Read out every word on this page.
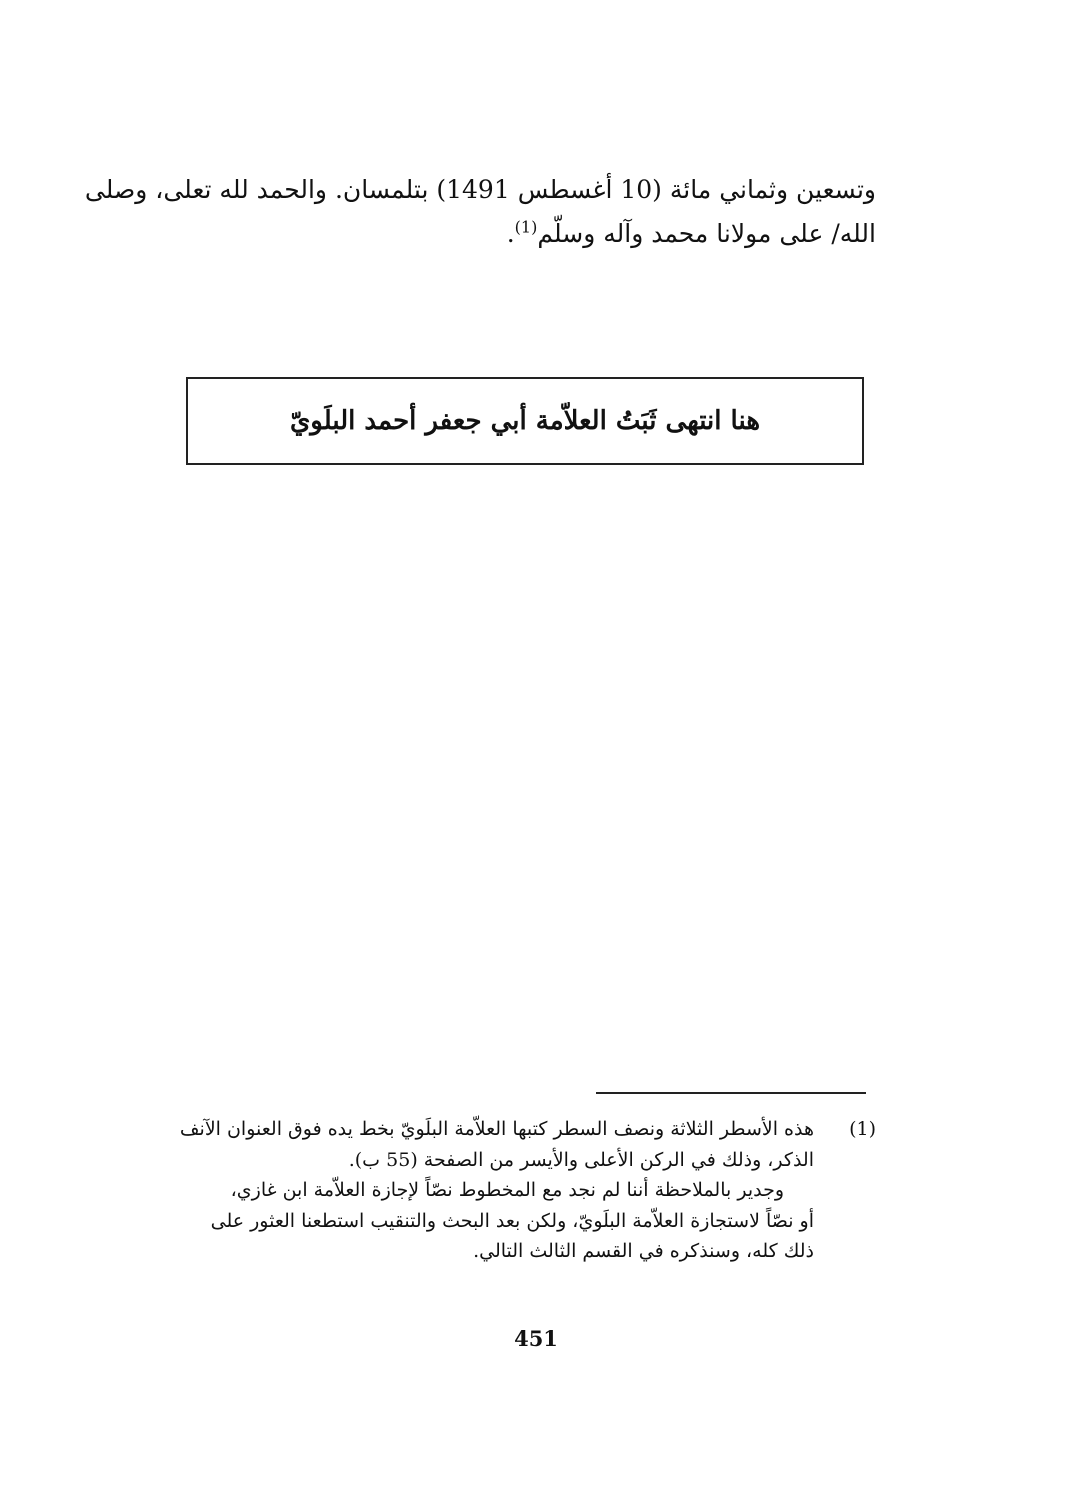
وتسعين وثماني مائة (10 أغسطس 1491) بتلمسان. والحمد لله تعلى، وصلى
الله/ على مولانا محمد وآله وسلّم$^{(1)}$.
هنا انتهى ثَبَتُ العلاّمة أبي جعفر أحمد البلَويّ
(1)
هذه الأسطر الثلاثة ونصف السطر كتبها العلاّمة البلَويّ بخط يده فوق العنوان الآنف
الذكر، وذلك في الركن الأعلى والأيسر من الصفحة (55 ب).
وجدير بالملاحظة أننا لم نجد مع المخطوط نصّاً لإجازة العلاّمة ابن غازي،
أو نصّاً لاستجازة العلاّمة البلَويّ، ولكن بعد البحث والتنقيب استطعنا العثور على
ذلك كله، وسنذكره في القسم الثالث التالي.
451
